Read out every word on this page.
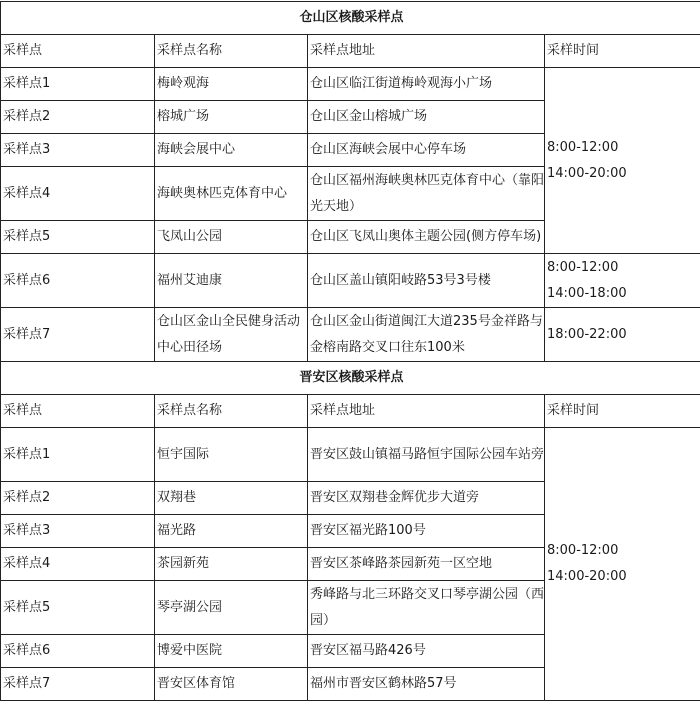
仓山区核酸采样点			
采样点	采样点名称	采样点地址	采样时间
采样点1	梅岭观海	仓山区临江街道梅岭观海小广场	8:00-12:00
14:00-20:00

采样点2	榕城广场	仓山区金山榕城广场	
采样点3	海峡会展中心	仓山区海峡会展中心停车场	
采样点4	海峡奥林匹克体育中心	仓山区福州海峡奥林匹克体育中心（靠阳光天地）	
采样点5	飞凤山公园	仓山区飞凤山奥体主题公园(侧方停车场)	
采样点6	福州艾迪康	仓山区盖山镇阳岐路53号3号楼	8:00-12:00
14:00-18:00

采样点7	仓山区金山全民健身活动中心田径场	仓山区金山街道闽江大道235号金祥路与金榕南路交叉口往东100米	18:00-22:00

晋安区核酸采样点			
采样点	采样点名称	采样点地址	采样时间
采样点1	恒宇国际	晋安区鼓山镇福马路恒宇国际公园车站旁	8:00-12:00
14:00-20:00

采样点2	双翔巷	晋安区双翔巷金辉优步大道旁	
采样点3	福光路	晋安区福光路100号	
采样点4	茶园新苑	晋安区茶峰路茶园新苑一区空地	
采样点5	琴亭湖公园	秀峰路与北三环路交叉口琴亭湖公园（西园）	
采样点6	博爱中医院	晋安区福马路426号	
采样点7	晋安区体育馆	福州市晋安区鹤林路57号	
